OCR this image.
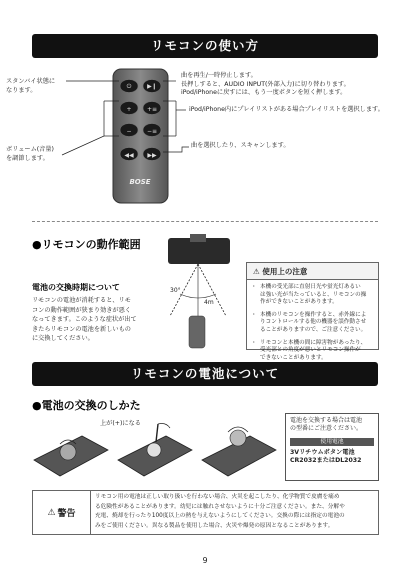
リモコンの使い方
⏻	▶❙
+	+≡
−	−≡
◀◀ ▶▶
BOSE
スタンバイ状態に
なります。
ボリューム(音量)
を調節します。
曲を再生/一時停止します。
長押しすると、AUDIO INPUT(外部入力)に切り替わります。
iPod/iPhoneに戻すには、もう一度ボタンを短く押します。
iPod/iPhone内にプレイリストがある場合プレイリストを選択します。
曲を選択したり、スキャンします。
●リモコンの動作範囲
30°
4m
電池の交換時期について
リモコンの電池が消耗すると、リモ
コンの動作範囲が狭まり効きが悪く
なってきます。このような症状が出て
きたらリモコンの電池を新しいもの
に交換してください。
⚠ 使用上の注意
・ 本機の受光部に直射日光や蛍光灯あるい
は強い光が当たっていると、リモコンの操
作ができないことがあります。
・ 本機のリモコンを操作すると、赤外線によ
りコントロールする他の機器を誤作動させ
ることがありますので、ご注意ください。
・ リモコンと本機の間に障害物があったり、
受光部との角度が悪いとリモコン操作が
できないことがあります。
リモコンの電池について
●電池の交換のしかた
上が(+)になる	電池を交換する場合は電池
の型番にご注意ください。
使用電池
3Vリチウムボタン電池
CR2032またはDL2032
⚠ 警告
リモコン用の電池は正しい取り扱いを行わない場合、火災を起こしたり、化学物質で皮膚を痛め
る危険性があることがあります。幼児には触れさせないように十分ご注意ください。また、分解や
充電、焼却を行ったり100度以上の熱を与えないようにしてください。交換の際には指定の電池の
みをご使用ください。異なる製品を使用した場合、火災や爆発の原因となることがあります。
9
